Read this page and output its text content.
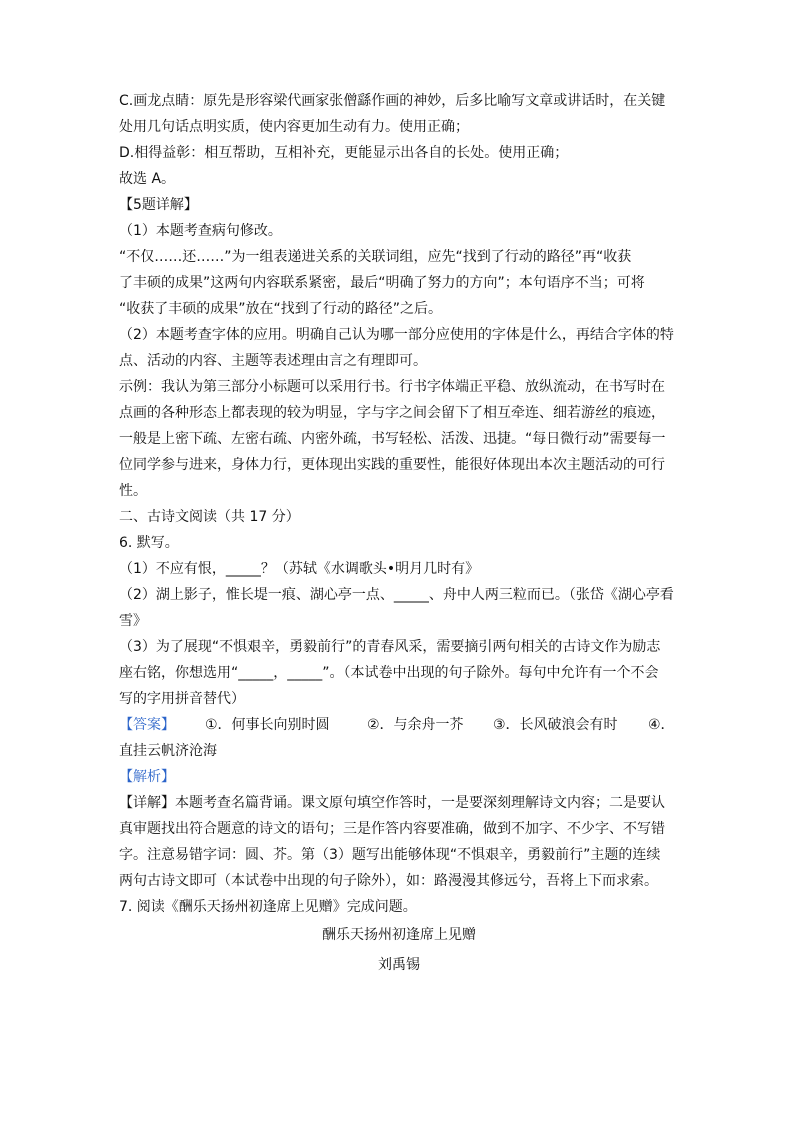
C.画龙点睛：原先是形容梁代画家张僧繇作画的神妙，后多比喻写文章或讲话时，在关键
处用几句话点明实质，使内容更加生动有力。使用正确；
D.相得益彰：相互帮助，互相补充，更能显示出各自的长处。使用正确；
故选 A。
【5题详解】
（1）本题考查病句修改。
“不仅……还……”为一组表递进关系的关联词组，应先“找到了行动的路径”再“收获
了丰硕的成果”这两句内容联系紧密，最后“明确了努力的方向”；本句语序不当；可将
“收获了丰硕的成果”放在“找到了行动的路径”之后。
（2）本题考查字体的应用。明确自己认为哪一部分应使用的字体是什么，再结合字体的特
点、活动的内容、主题等表述理由言之有理即可。
示例：我认为第三部分小标题可以采用行书。行书字体端正平稳、放纵流动，在书写时在
点画的各种形态上都表现的较为明显，字与字之间会留下了相互牵连、细若游丝的痕迹，
一般是上密下疏、左密右疏、内密外疏，书写轻松、活泼、迅捷。“每日微行动”需要每一
位同学参与进来，身体力行，更体现出实践的重要性，能很好体现出本次主题活动的可行
性。
二、古诗文阅读（共 17 分）
6. 默写。
（1）不应有恨，_____？（苏轼《水调歌头•明月几时有》
（2）湖上影子，惟长堤一痕、湖心亭一点、_____、舟中人两三粒而已。（张岱《湖心亭看
雪》
（3）为了展现“不惧艰辛，勇毅前行”的青春风采，需要摘引两句相关的古诗文作为励志
座右铭，你想选用“_____，_____”。（本试卷中出现的句子除外。每句中允许有一个不会
写的字用拼音替代）
【答案】 ①．何事长向别时圆	②．与余舟一芥 ③．长风破浪会有时 ④．
直挂云帆济沧海
【解析】
【详解】本题考查名篇背诵。课文原句填空作答时，一是要深刻理解诗文内容；二是要认
真审题找出符合题意的诗文的语句；三是作答内容要准确，做到不加字、不少字、不写错
字。注意易错字词：圆、芥。第（3）题写出能够体现“不惧艰辛，勇毅前行”主题的连续
两句古诗文即可（本试卷中出现的句子除外），如：路漫漫其修远兮，吾将上下而求索。
7. 阅读《酬乐天扬州初逢席上见赠》完成问题。
酬乐天扬州初逢席上见赠
刘禹锡
